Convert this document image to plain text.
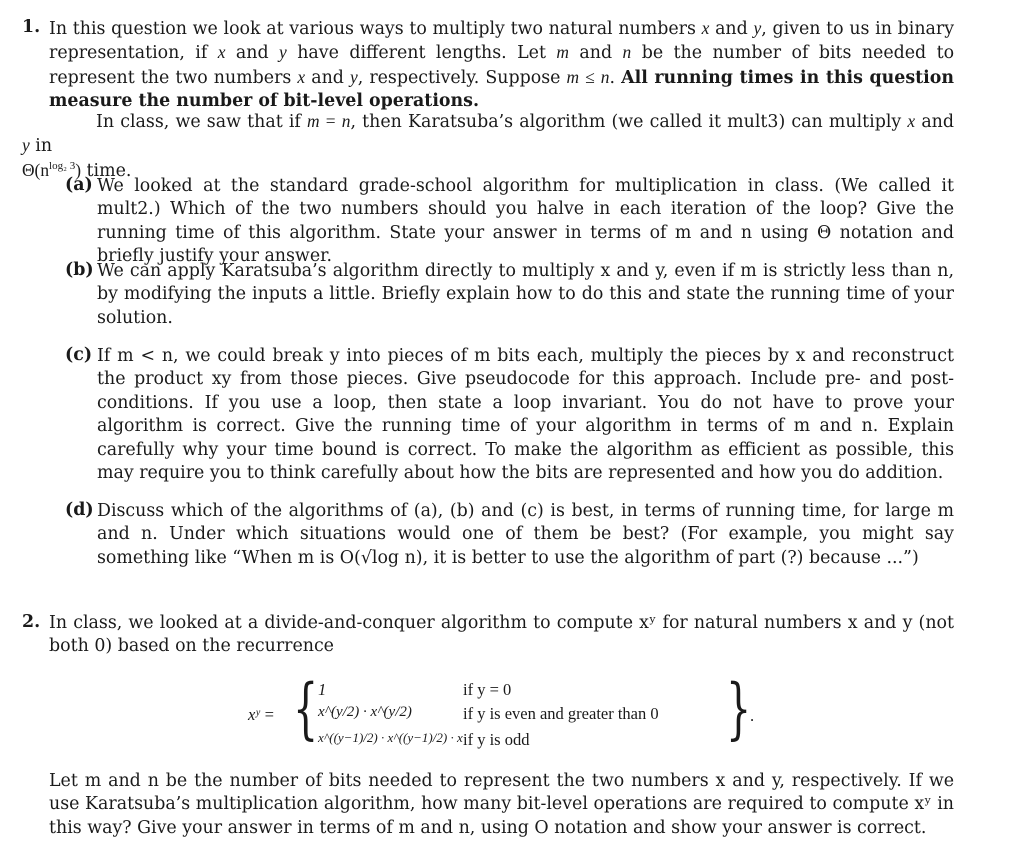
1. In this question we look at various ways to multiply two natural numbers x and y, given to us in binary representation, if x and y have different lengths. Let m and n be the number of bits needed to represent the two numbers x and y, respectively. Suppose m ≤ n. All running times in this question measure the number of bit-level operations.
In class, we saw that if m = n, then Karatsuba’s algorithm (we called it mult3) can multiply x and y in
$\Theta(n^{log_2 3})$ time.
(a) We looked at the standard grade-school algorithm for multiplication in class. (We called it mult2.) Which of the two numbers should you halve in each iteration of the loop? Give the running time of this algorithm. State your answer in terms of m and n using Θ notation and briefly justify your answer.
(b) We can apply Karatsuba’s algorithm directly to multiply x and y, even if m is strictly less than n, by modifying the inputs a little. Briefly explain how to do this and state the running time of your solution.
(c) If m < n, we could break y into pieces of m bits each, multiply the pieces by x and reconstruct the product xy from those pieces. Give pseudocode for this approach. Include pre- and post-conditions. If you use a loop, then state a loop invariant. You do not have to prove your algorithm is correct. Give the running time of your algorithm in terms of m and n. Explain carefully why your time bound is correct. To make the algorithm as efficient as possible, this may require you to think carefully about how the bits are represented and how you do addition.
(d) Discuss which of the algorithms of (a), (b) and (c) is best, in terms of running time, for large m and n. Under which situations would one of them be best? (For example, you might say something like “When m is O(√log n), it is better to use the algorithm of part (?) because ...”)
2. In class, we looked at a divide-and-conquer algorithm to compute xʸ for natural numbers x and y (not both 0) based on the recurrence
xʸ = { 1	if y = 0
x^(y/2) · x^(y/2)	if y is even and greater than 0
x^((y−1)/2) · x^((y−1)/2) · x if y is odd	}
.
Let m and n be the number of bits needed to represent the two numbers x and y, respectively. If we use Karatsuba’s multiplication algorithm, how many bit-level operations are required to compute xʸ in this way? Give your answer in terms of m and n, using O notation and show your answer is correct.
